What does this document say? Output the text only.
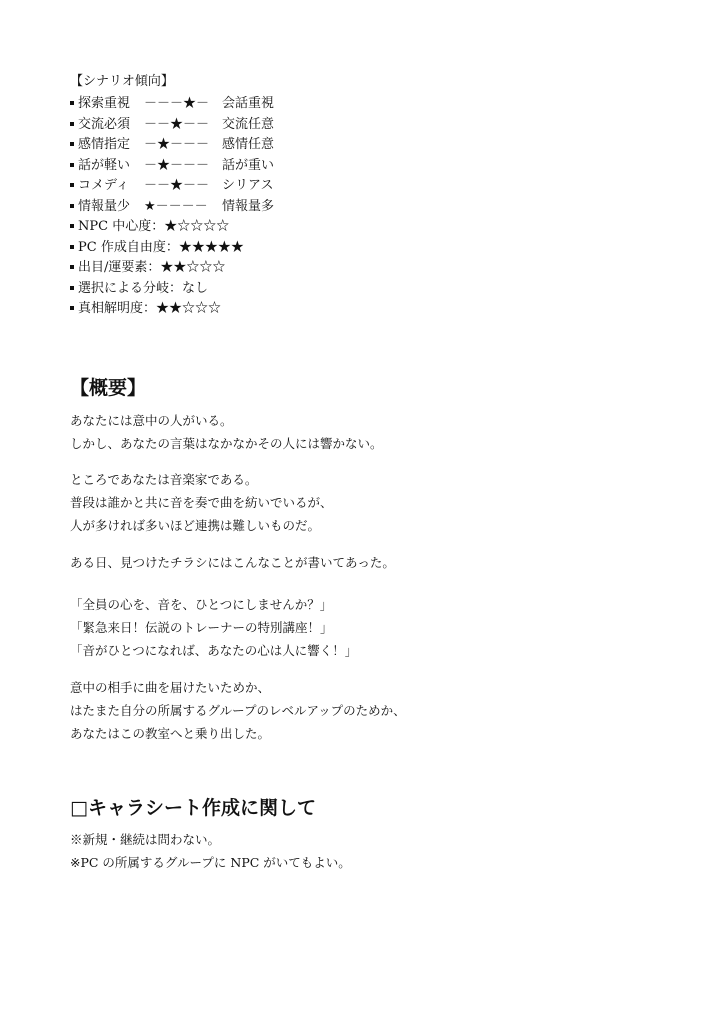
【シナリオ傾向】
探索重視	－－－★－ 会話重視
交流必須	－－★－－ 交流任意
感情指定	－★－－－ 感情任意
話が軽い	－★－－－ 話が重い
コメディ	－－★－－ シリアス
情報量少	★－－－－	情報量多
NPC 中心度：★☆☆☆☆
PC 作成自由度：★★★★★
出目/運要素：★★☆☆☆
選択による分岐：なし
真相解明度：★★☆☆☆
【概要】
あなたには意中の人がいる。
しかし、あなたの言葉はなかなかその人には響かない。
ところであなたは音楽家である。
普段は誰かと共に音を奏で曲を紡いでいるが、
人が多ければ多いほど連携は難しいものだ。
ある日、見つけたチラシにはこんなことが書いてあった。
「全員の心を、音を、ひとつにしませんか？」
「緊急来日！伝説のトレーナーの特別講座！」
「音がひとつになれば、あなたの心は人に響く！」
意中の相手に曲を届けたいためか、
はたまた自分の所属するグループのレベルアップのためか、
あなたはこの教室へと乗り出した。
□キャラシート作成に関して
※新規・継続は問わない。
※PC の所属するグループに NPC がいてもよい。
